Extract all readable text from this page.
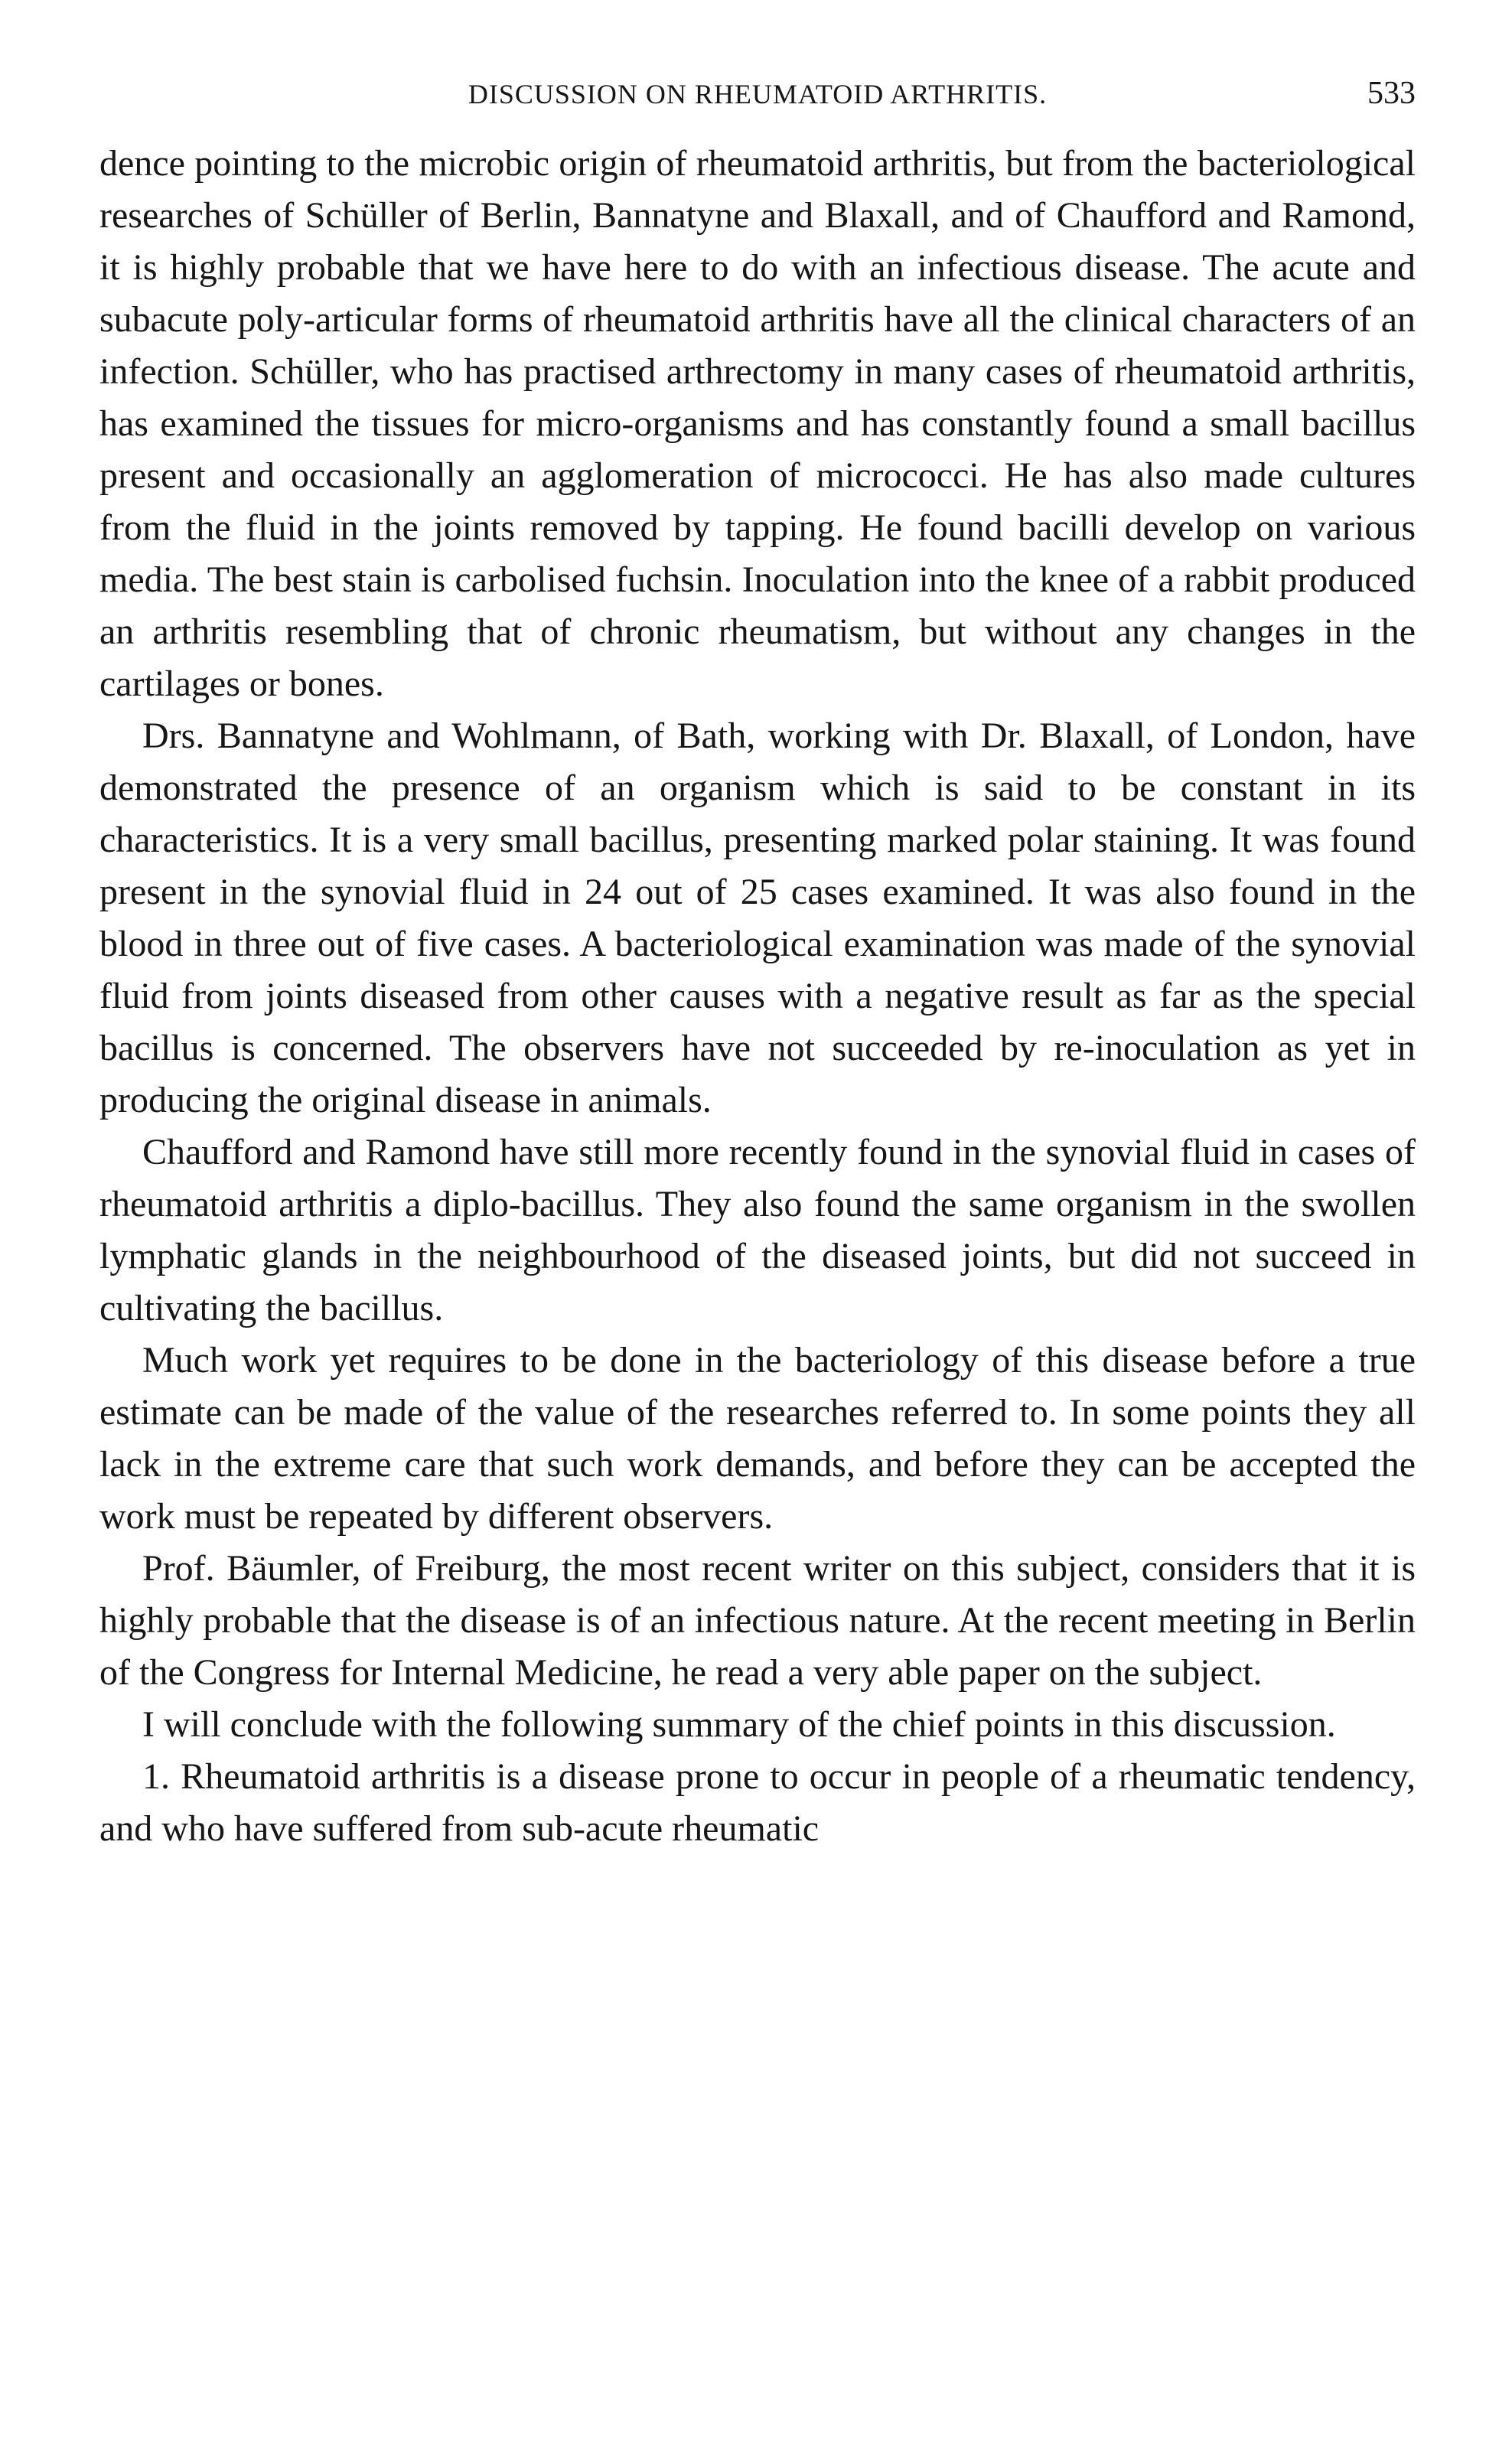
DISCUSSION ON RHEUMATOID ARTHRITIS.	533

dence pointing to the microbic origin of rheumatoid arthritis, but from the bacteriological researches of Schüller of Berlin, Bannatyne and Blaxall, and of Chaufford and Ramond, it is highly probable that we have here to do with an infectious disease. The acute and subacute poly-articular forms of rheumatoid arthritis have all the clinical characters of an infection. Schüller, who has practised arthrectomy in many cases of rheumatoid arthritis, has examined the tissues for micro-organisms and has constantly found a small bacillus present and occasionally an agglomeration of micrococci. He has also made cultures from the fluid in the joints removed by tapping. He found bacilli develop on various media. The best stain is carbolised fuchsin. Inoculation into the knee of a rabbit produced an arthritis resembling that of chronic rheumatism, but without any changes in the cartilages or bones.

Drs. Bannatyne and Wohlmann, of Bath, working with Dr. Blaxall, of London, have demonstrated the presence of an organism which is said to be constant in its characteristics. It is a very small bacillus, presenting marked polar staining. It was found present in the synovial fluid in 24 out of 25 cases examined. It was also found in the blood in three out of five cases. A bacteriological examination was made of the synovial fluid from joints diseased from other causes with a negative result as far as the special bacillus is concerned. The observers have not succeeded by re-inoculation as yet in producing the original disease in animals.

Chaufford and Ramond have still more recently found in the synovial fluid in cases of rheumatoid arthritis a diplo-bacillus. They also found the same organism in the swollen lymphatic glands in the neighbourhood of the diseased joints, but did not succeed in cultivating the bacillus.

Much work yet requires to be done in the bacteriology of this disease before a true estimate can be made of the value of the researches referred to. In some points they all lack in the extreme care that such work demands, and before they can be accepted the work must be repeated by different observers.

Prof. Bäumler, of Freiburg, the most recent writer on this subject, considers that it is highly probable that the disease is of an infectious nature. At the recent meeting in Berlin of the Congress for Internal Medicine, he read a very able paper on the subject.

I will conclude with the following summary of the chief points in this discussion.

1. Rheumatoid arthritis is a disease prone to occur in people of a rheumatic tendency, and who have suffered from sub-acute rheumatic
